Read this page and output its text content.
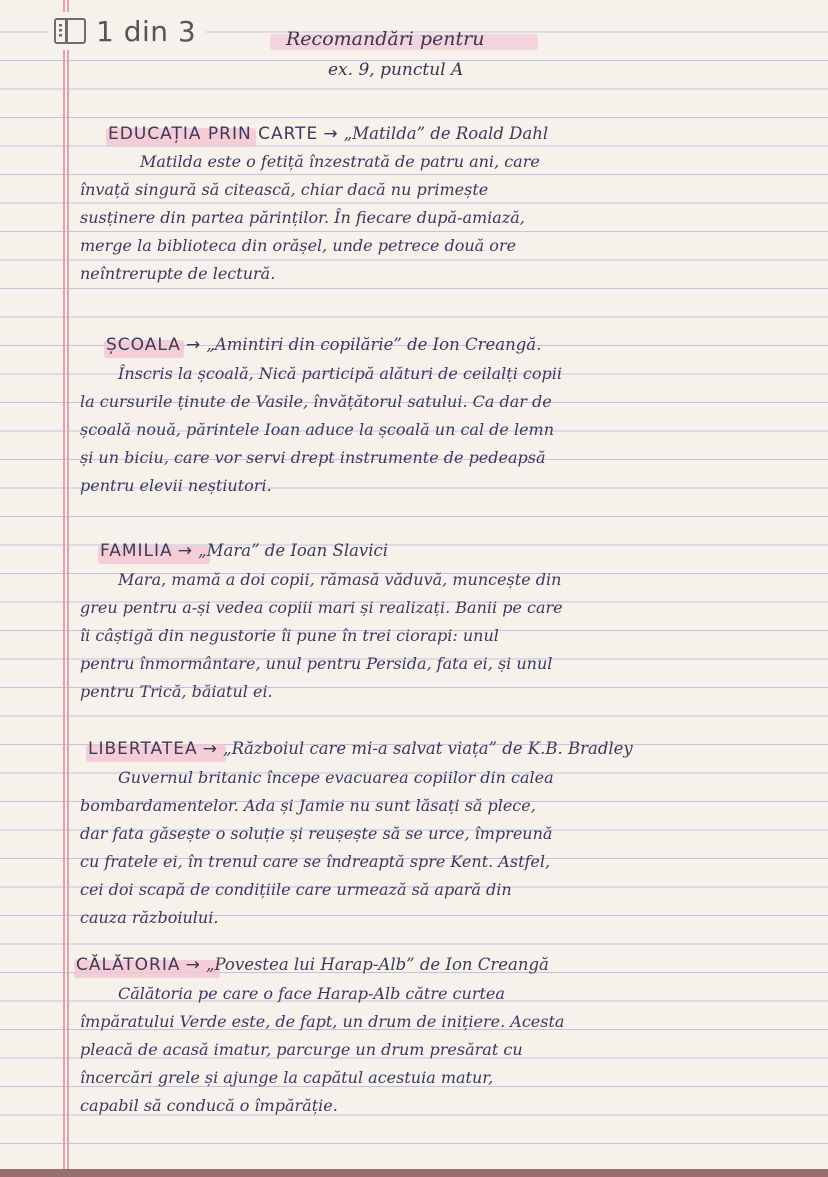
1 din 3	Recomandări pentru
ex. 9, punctul A
EDUCAȚIA PRIN CARTE → „Matilda” de Roald Dahl
Matilda este o fetiță înzestrată de patru ani, care
învață singură să citească, chiar dacă nu primește
susținere din partea părinților. În fiecare după-amiază,
merge la biblioteca din orășel, unde petrece două ore
neîntrerupte de lectură.
ȘCOALA → „Amintiri din copilărie” de Ion Creangă.
Înscris la școală, Nică participă alături de ceilalți copii
la cursurile ținute de Vasile, învățătorul satului. Ca dar de
școală nouă, părintele Ioan aduce la școală un cal de lemn
și un biciu, care vor servi drept instrumente de pedeapsă
pentru elevii neștiutori.
FAMILIA → „Mara” de Ioan Slavici
Mara, mamă a doi copii, rămasă văduvă, muncește din
greu pentru a-și vedea copiii mari și realizați. Banii pe care
îi câștigă din negustorie îi pune în trei ciorapi: unul
pentru înmormântare, unul pentru Persida, fata ei, și unul
pentru Trică, băiatul ei.
LIBERTATEA → „Războiul care mi-a salvat viața” de K.B. Bradley
Guvernul britanic începe evacuarea copiilor din calea
bombardamentelor. Ada și Jamie nu sunt lăsați să plece,
dar fata găsește o soluție și reușește să se urce, împreună
cu fratele ei, în trenul care se îndreaptă spre Kent. Astfel,
cei doi scapă de condițiile care urmează să apară din
cauza războiului.
CĂLĂTORIA → „Povestea lui Harap-Alb” de Ion Creangă
Călătoria pe care o face Harap-Alb către curtea
împăratului Verde este, de fapt, un drum de inițiere. Acesta
pleacă de acasă imatur, parcurge un drum presărat cu
încercări grele și ajunge la capătul acestuia matur,
capabil să conducă o împărăție.
